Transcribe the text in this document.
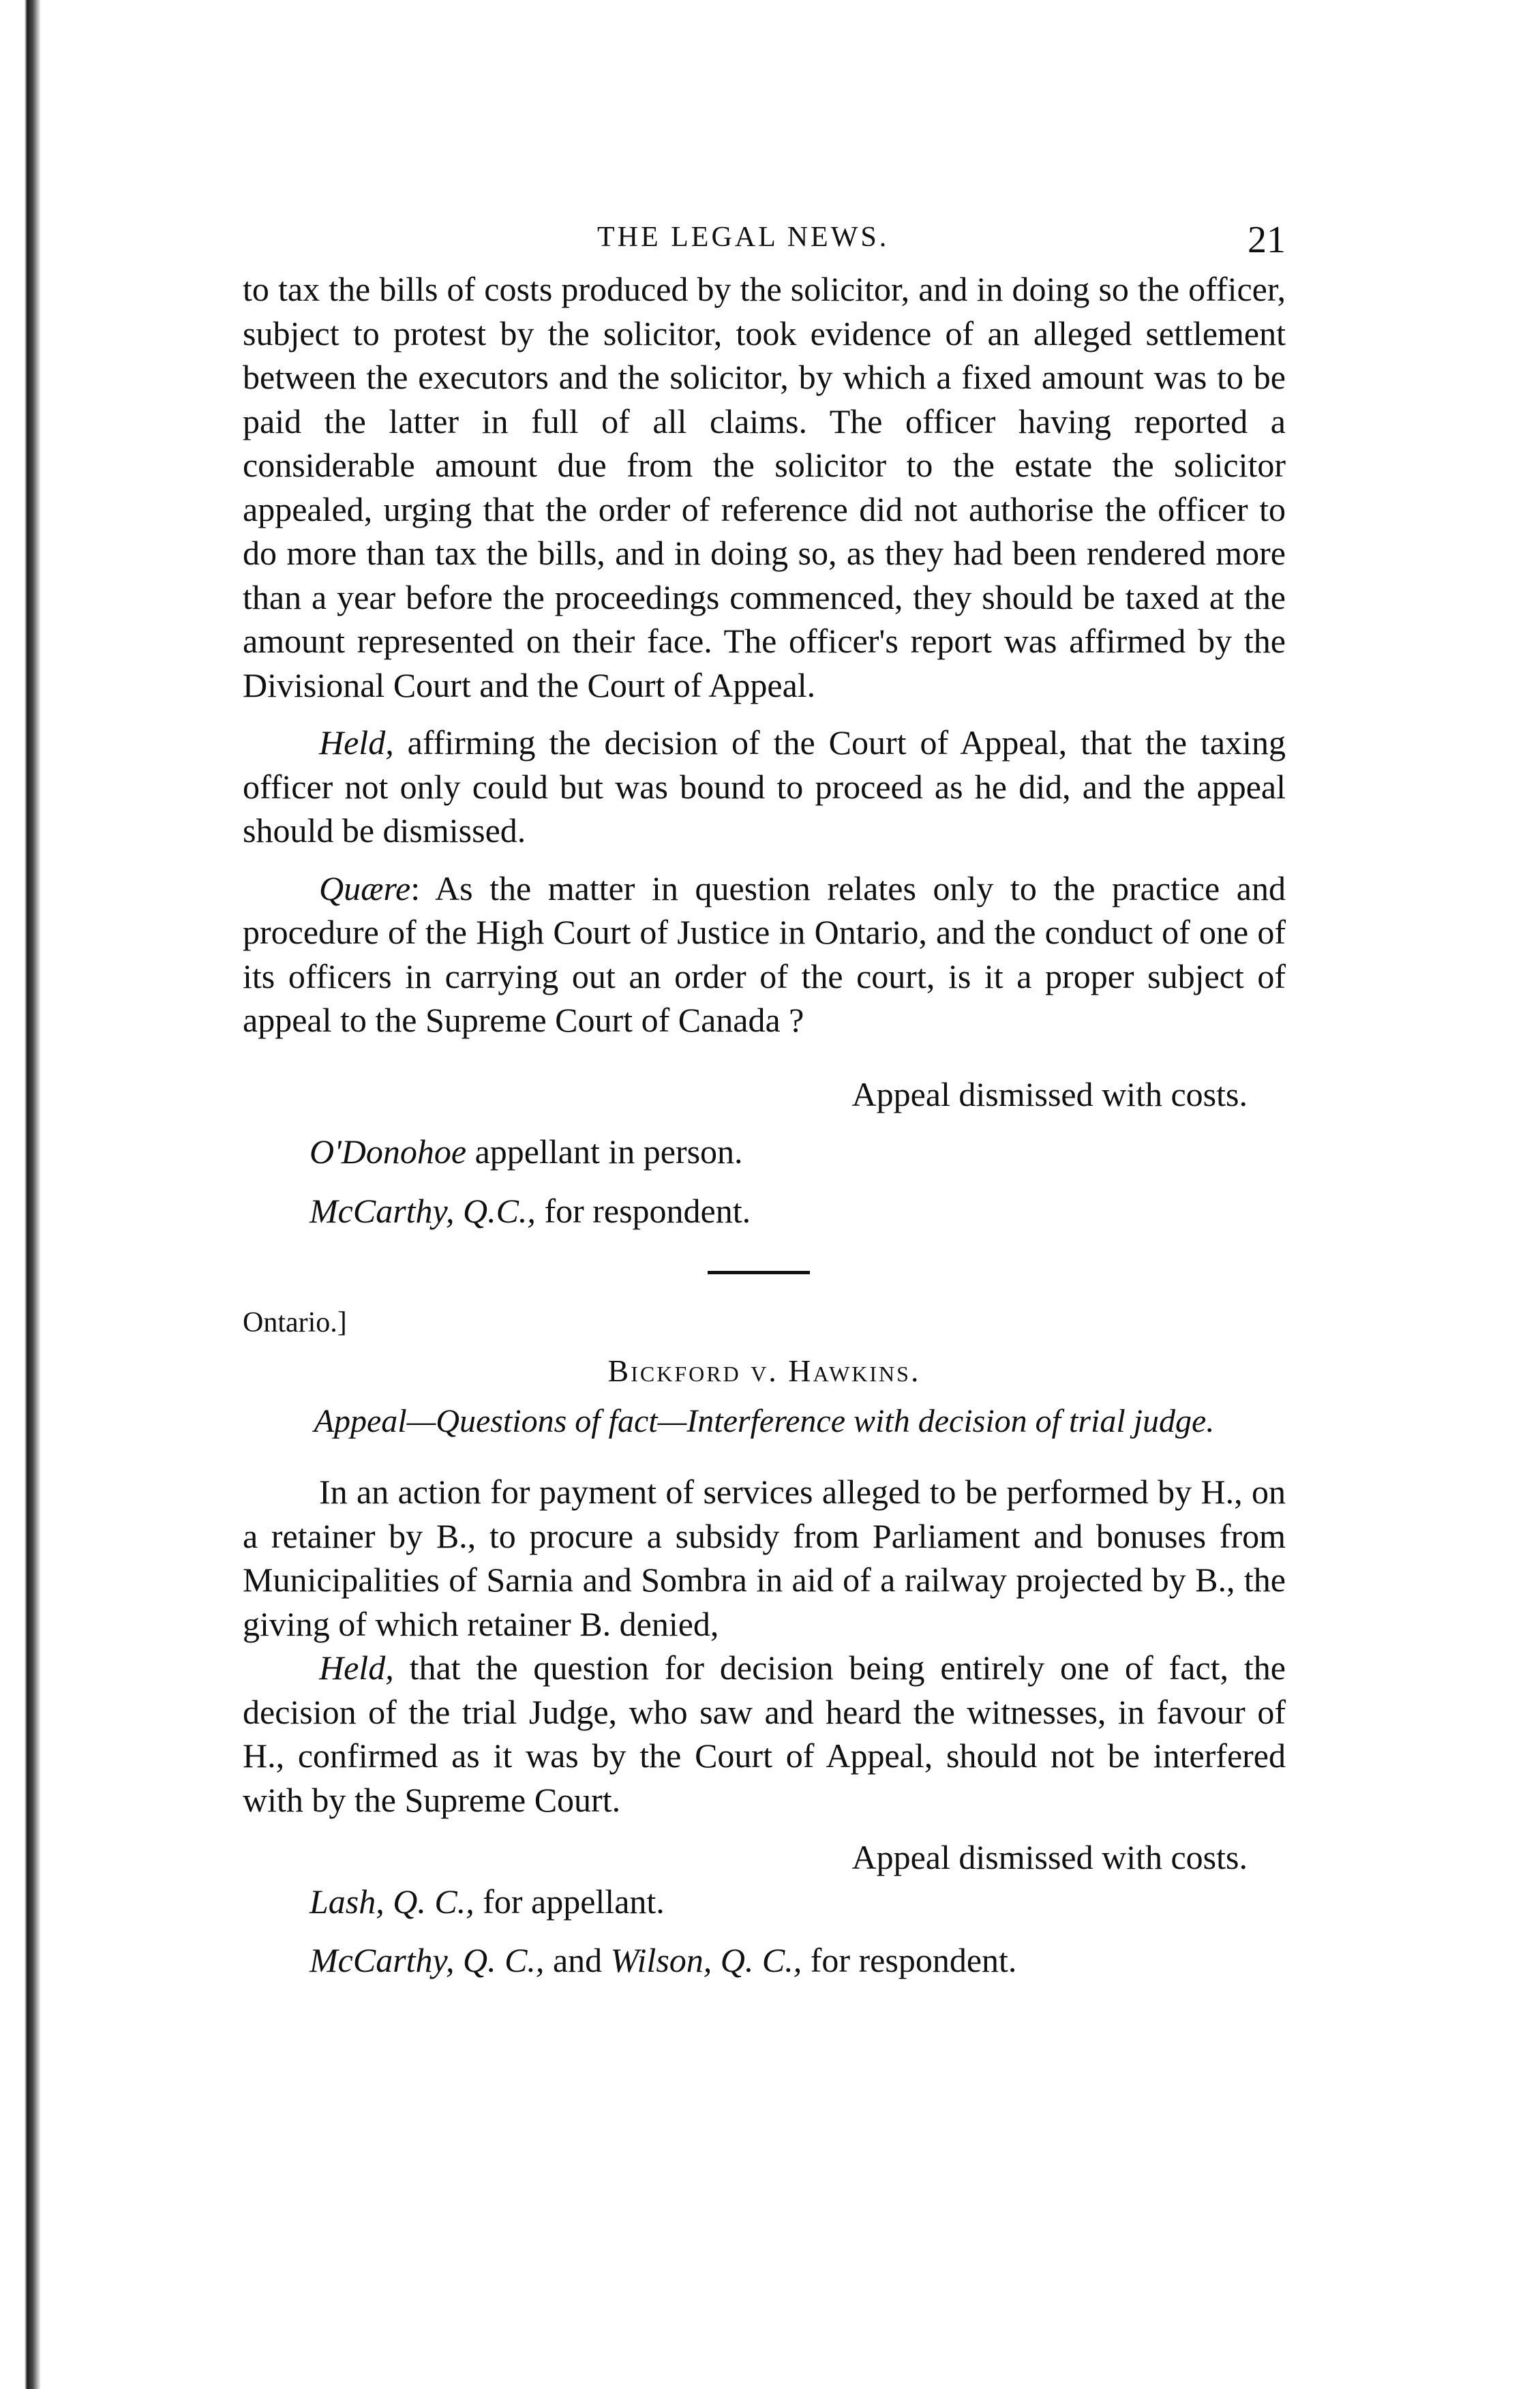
THE LEGAL NEWS.	21

to tax the bills of costs produced by the solicitor, and in doing so the officer, subject to protest by the solicitor, took evidence of an alleged settlement between the executors and the solicitor, by which a fixed amount was to be paid the latter in full of all claims. The officer having reported a considerable amount due from the solicitor to the estate the solicitor appealed, urging that the order of reference did not authorise the officer to do more than tax the bills, and in doing so, as they had been rendered more than a year before the proceedings commenced, they should be taxed at the amount represented on their face. The officer's report was affirmed by the Divisional Court and the Court of Appeal.

Held, affirming the decision of the Court of Appeal, that the taxing officer not only could but was bound to proceed as he did, and the appeal should be dismissed.

Quære: As the matter in question relates only to the practice and procedure of the High Court of Justice in Ontario, and the conduct of one of its officers in carrying out an order of the court, is it a proper subject of appeal to the Supreme Court of Canada ?

Appeal dismissed with costs.

O'Donohoe appellant in person.

McCarthy, Q.C., for respondent.

Ontario.]

Bickford v. Hawkins.

Appeal—Questions of fact—Interference with decision of trial judge.

In an action for payment of services alleged to be performed by H., on a retainer by B., to procure a subsidy from Parliament and bonuses from Municipalities of Sarnia and Sombra in aid of a railway projected by B., the giving of which retainer B. denied,

Held, that the question for decision being entirely one of fact, the decision of the trial Judge, who saw and heard the witnesses, in favour of H., confirmed as it was by the Court of Appeal, should not be interfered with by the Supreme Court.

Appeal dismissed with costs.

Lash, Q. C., for appellant.

McCarthy, Q. C., and Wilson, Q. C., for respondent.
